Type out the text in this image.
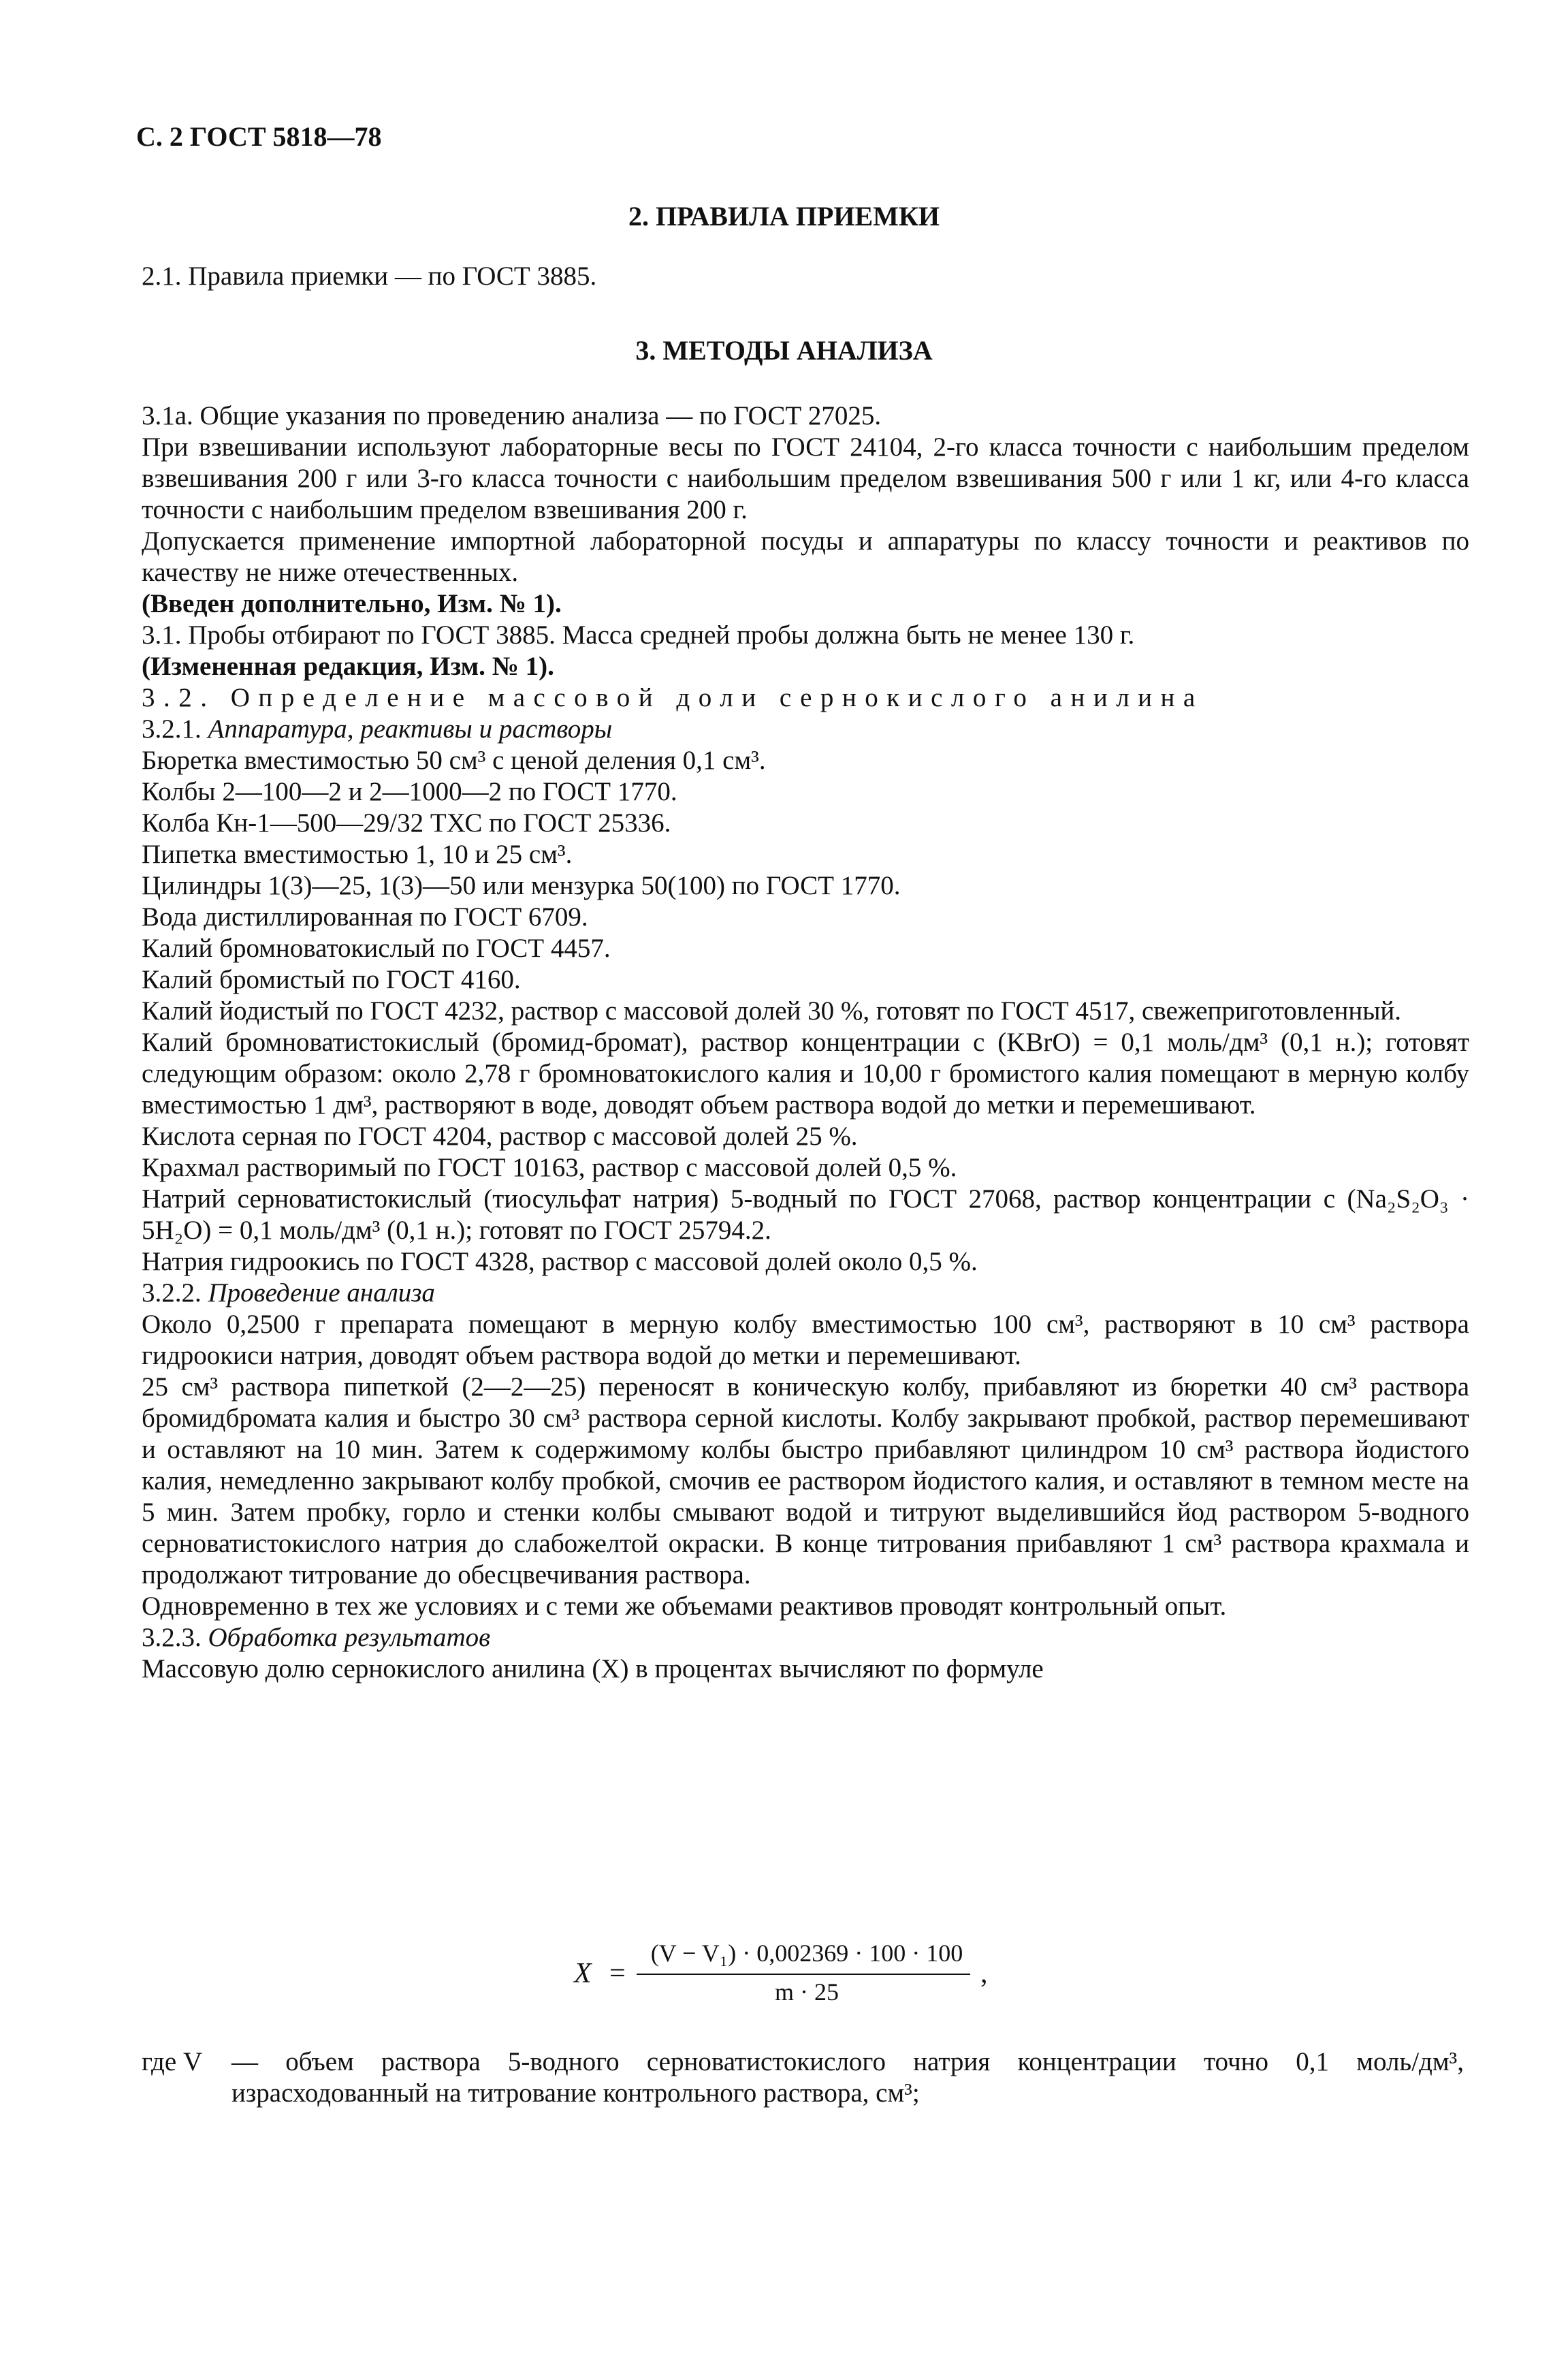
С. 2 ГОСТ 5818—78
2. ПРАВИЛА ПРИЕМКИ

2.1. Правила приемки — по ГОСТ 3885.

3. МЕТОДЫ АНАЛИЗА

3.1а. Общие указания по проведению анализа — по ГОСТ 27025.

При взвешивании используют лабораторные весы по ГОСТ 24104, 2-го класса точности с наибольшим пределом взвешивания 200 г или 3-го класса точности с наибольшим пределом взвешивания 500 г или 1 кг, или 4-го класса точности с наибольшим пределом взвешивания 200 г.

Допускается применение импортной лабораторной посуды и аппаратуры по классу точности и реактивов по качеству не ниже отечественных.

(Введен дополнительно, Изм. № 1).

3.1. Пробы отбирают по ГОСТ 3885. Масса средней пробы должна быть не менее 130 г.

(Измененная редакция, Изм. № 1).

3.2. Определение массовой доли сернокислого анилина

3.2.1. Аппаратура, реактивы и растворы

Бюретка вместимостью 50 см³ с ценой деления 0,1 см³.

Колбы 2—100—2 и 2—1000—2 по ГОСТ 1770.

Колба Кн-1—500—29/32 ТХС по ГОСТ 25336.

Пипетка вместимостью 1, 10 и 25 см³.

Цилиндры 1(3)—25, 1(3)—50 или мензурка 50(100) по ГОСТ 1770.

Вода дистиллированная по ГОСТ 6709.

Калий бромноватокислый по ГОСТ 4457.

Калий бромистый по ГОСТ 4160.

Калий йодистый по ГОСТ 4232, раствор с массовой долей 30 %, готовят по ГОСТ 4517, свежеприготовленный.

Калий бромноватистокислый (бромид-бромат), раствор концентрации c (KBrO) = 0,1 моль/дм³ (0,1 н.); готовят следующим образом: около 2,78 г бромноватокислого калия и 10,00 г бромистого калия помещают в мерную колбу вместимостью 1 дм³, растворяют в воде, доводят объем раствора водой до метки и перемешивают.

Кислота серная по ГОСТ 4204, раствор с массовой долей 25 %.

Крахмал растворимый по ГОСТ 10163, раствор с массовой долей 0,5 %.

Натрий серноватистокислый (тиосульфат натрия) 5-водный по ГОСТ 27068, раствор концентрации c (Na₂S₂O₃ · 5H₂O) = 0,1 моль/дм³ (0,1 н.); готовят по ГОСТ 25794.2.

Натрия гидроокись по ГОСТ 4328, раствор с массовой долей около 0,5 %.

3.2.2. Проведение анализа

Около 0,2500 г препарата помещают в мерную колбу вместимостью 100 см³, растворяют в 10 см³ раствора гидроокиси натрия, доводят объем раствора водой до метки и перемешивают.

25 см³ раствора пипеткой (2—2—25) переносят в коническую колбу, прибавляют из бюретки 40 см³ раствора бромидброматa калия и быстро 30 см³ раствора серной кислоты. Колбу закрывают пробкой, раствор перемешивают и оставляют на 10 мин. Затем к содержимому колбы быстро прибавляют цилиндром 10 см³ раствора йодистого калия, немедленно закрывают колбу пробкой, смочив ее раствором йодистого калия, и оставляют в темном месте на 5 мин. Затем пробку, горло и стенки колбы смывают водой и титруют выделившийся йод раствором 5-водного серноватистокислого натрия до слабожелтой окраски. В конце титрования прибавляют 1 см³ раствора крахмала и продолжают титрование до обесцвечивания раствора.

Одновременно в тех же условиях и с теми же объемами реактивов проводят контрольный опыт.

3.2.3. Обработка результатов

Массовую долю сернокислого анилина (X) в процентах вычисляют по формуле

X =
(V − V₁) · 0,002369 · 100 · 100
m · 25
,
где V — объем раствора 5-водного серноватистокислого натрия концентрации точно 0,1 моль/дм³, израсходованный на титрование контрольного раствора, см³;
